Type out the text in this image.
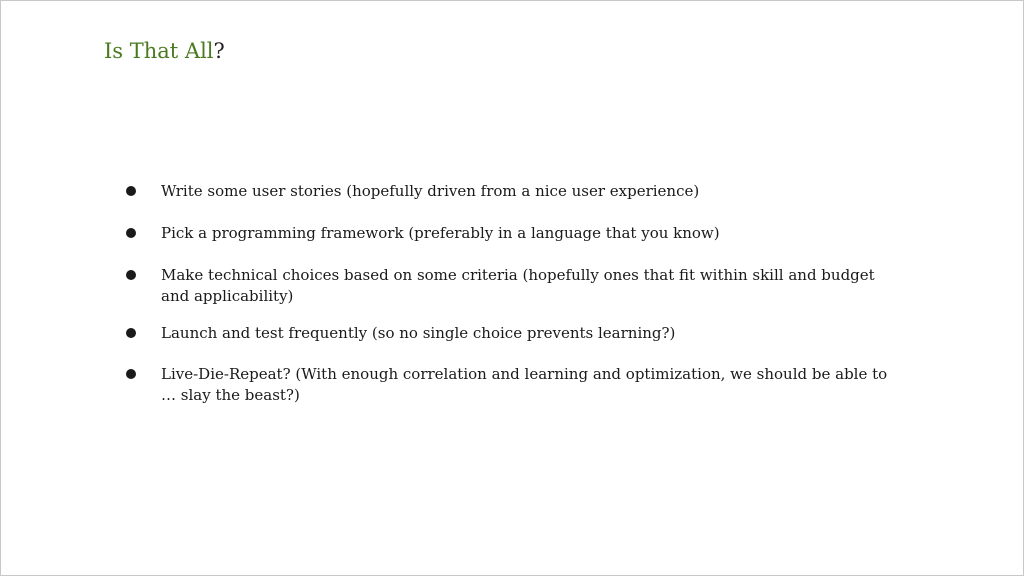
Is That All?
Write some user stories (hopefully driven from a nice user experience)
Pick a programming framework (preferably in a language that you know)
Make technical choices based on some criteria (hopefully ones that fit within skill and budget and applicability)
Launch and test frequently (so no single choice prevents learning?)
Live-Die-Repeat? (With enough correlation and learning and optimization, we should be able to … slay the beast?)
